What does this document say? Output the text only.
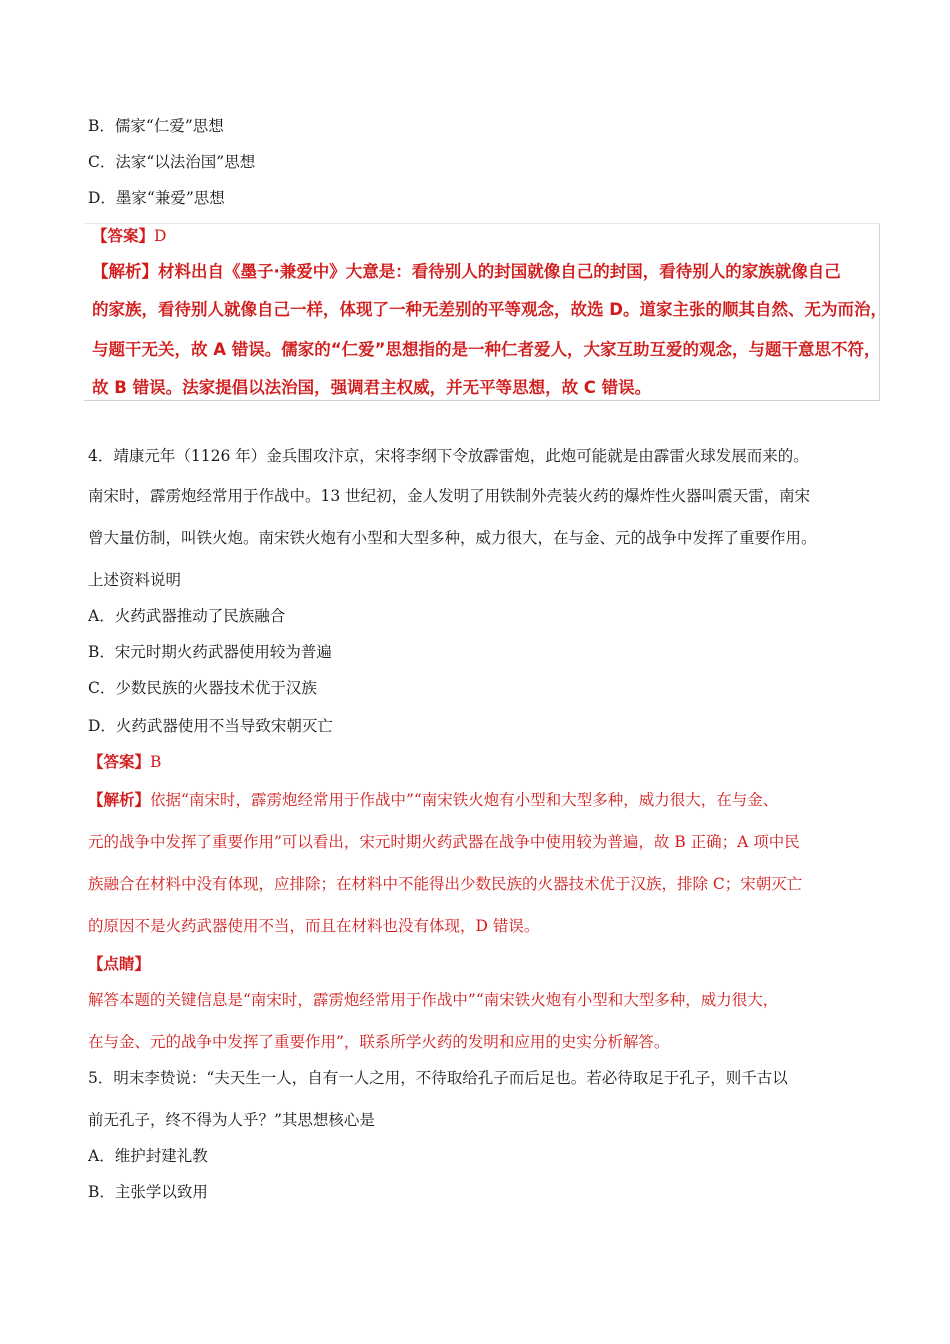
B．儒家“仁爱”思想
C．法家“以法治国”思想
D．墨家“兼爱”思想
【答案】D
【解析】材料出自《墨子·兼爱中》大意是：看待别人的封国就像自己的封国，看待别人的家族就像自己
的家族，看待别人就像自己一样，体现了一种无差别的平等观念，故选 D。道家主张的顺其自然、无为而治，
与题干无关，故 A 错误。儒家的“仁爱”思想指的是一种仁者爱人，大家互助互爱的观念，与题干意思不符，
故 B 错误。法家提倡以法治国，强调君主权威，并无平等思想，故 C 错误。
4．靖康元年（1126 年）金兵围攻汴京，宋将李纲下令放霹雷炮，此炮可能就是由霹雷火球发展而来的。
南宋时，霹雳炮经常用于作战中。13 世纪初，金人发明了用铁制外壳装火药的爆炸性火器叫震天雷，南宋
曾大量仿制，叫铁火炮。南宋铁火炮有小型和大型多种，威力很大，在与金、元的战争中发挥了重要作用。
上述资料说明
A．火药武器推动了民族融合
B．宋元时期火药武器使用较为普遍
C．少数民族的火器技术优于汉族
D．火药武器使用不当导致宋朝灭亡
【答案】B
【解析】依据“南宋时，霹雳炮经常用于作战中”“南宋铁火炮有小型和大型多种，威力很大，在与金、
元的战争中发挥了重要作用”可以看出，宋元时期火药武器在战争中使用较为普遍，故 B 正确；A 项中民
族融合在材料中没有体现，应排除；在材料中不能得出少数民族的火器技术优于汉族，排除 C；宋朝灭亡
的原因不是火药武器使用不当，而且在材料也没有体现，D 错误。
【点睛】
解答本题的关键信息是“南宋时，霹雳炮经常用于作战中”“南宋铁火炮有小型和大型多种，威力很大，
在与金、元的战争中发挥了重要作用”，联系所学火药的发明和应用的史实分析解答。
5．明末李贽说：“夫天生一人，自有一人之用，不待取给孔子而后足也。若必待取足于孔子，则千古以
前无孔子，终不得为人乎？”其思想核心是
A．维护封建礼教
B．主张学以致用
